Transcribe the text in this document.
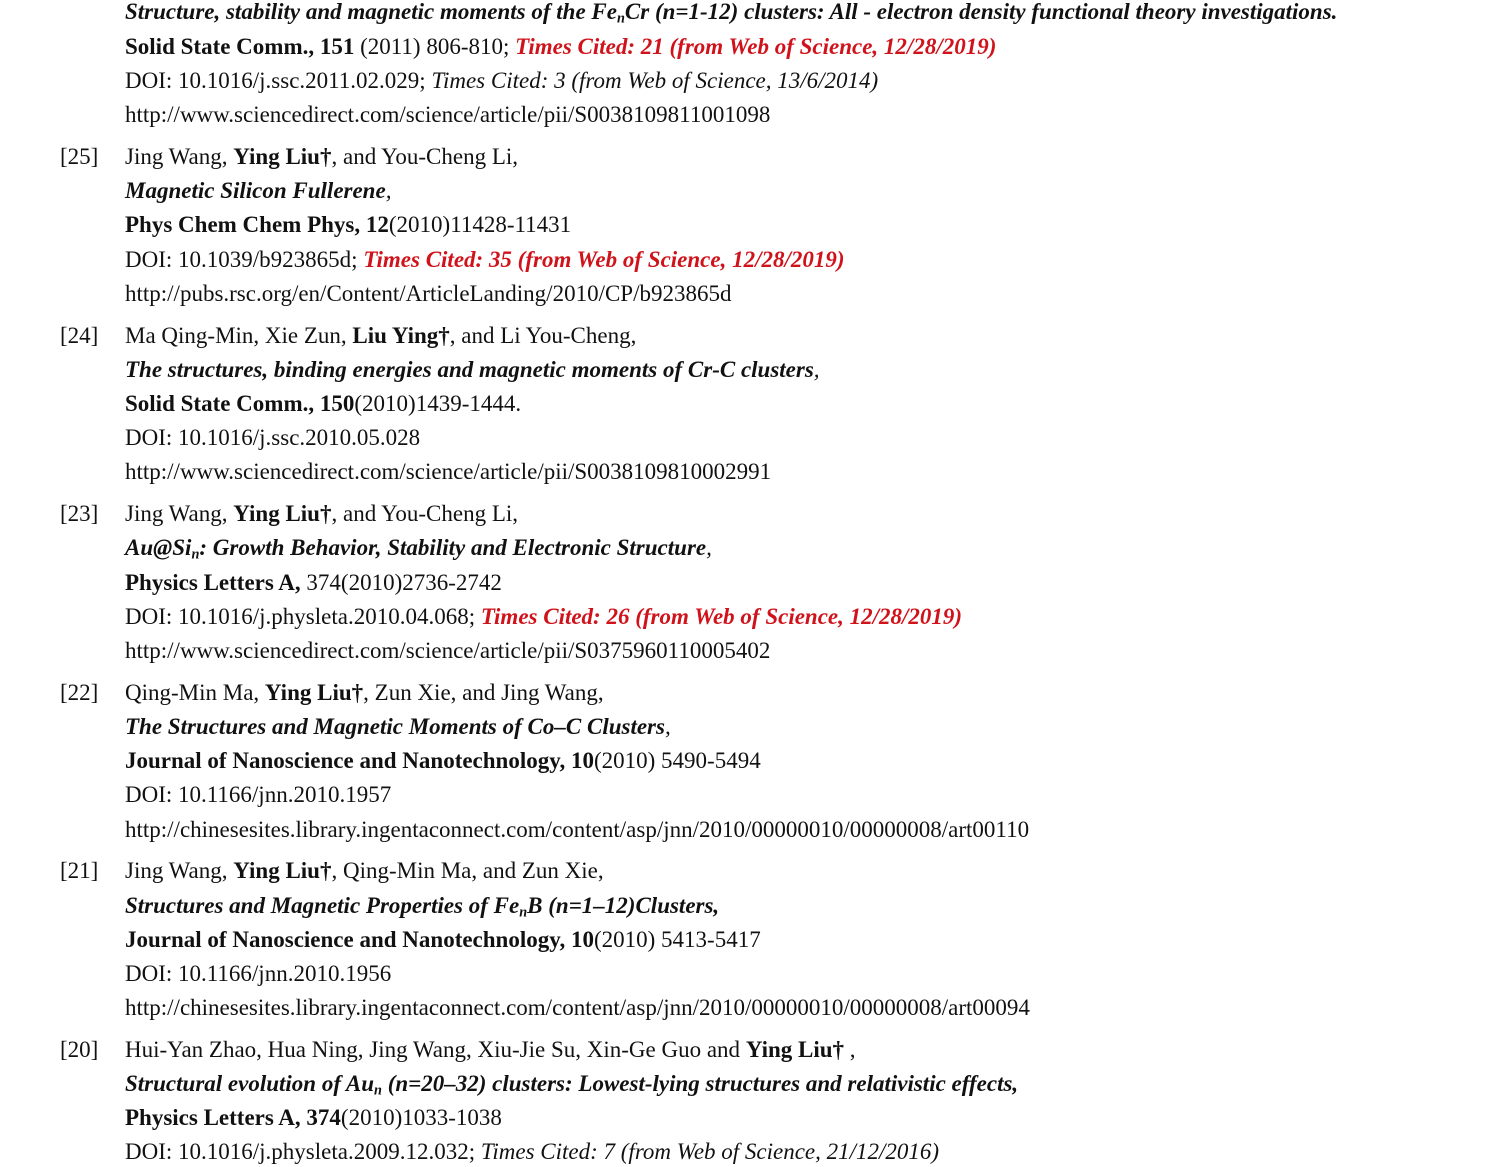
Structure, stability and magnetic moments of the $Fe_nCr$ (n=1-12) clusters: All - electron density functional theory investigations.
Solid State Comm., 151 (2011) 806-810; Times Cited: 21 (from Web of Science, 12/28/2019)
DOI: 10.1016/j.ssc.2011.02.029; Times Cited: 3 (from Web of Science, 13/6/2014)
http://www.sciencedirect.com/science/article/pii/S0038109811001098
[25] Jing Wang, Ying Liu†, and You-Cheng Li,
Magnetic Silicon Fullerene,
Phys Chem Chem Phys, 12(2010)11428-11431
DOI: 10.1039/b923865d; Times Cited: 35 (from Web of Science, 12/28/2019)
http://pubs.rsc.org/en/Content/ArticleLanding/2010/CP/b923865d
[24] Ma Qing-Min, Xie Zun, Liu Ying†, and Li You-Cheng,
The structures, binding energies and magnetic moments of Cr-C clusters,
Solid State Comm., 150(2010)1439-1444.
DOI: 10.1016/j.ssc.2010.05.028
http://www.sciencedirect.com/science/article/pii/S0038109810002991
[23] Jing Wang, Ying Liu†, and You-Cheng Li,
$Au@Si_n$: Growth Behavior, Stability and Electronic Structure,
Physics Letters A, 374(2010)2736-2742
DOI: 10.1016/j.physleta.2010.04.068; Times Cited: 26 (from Web of Science, 12/28/2019)
http://www.sciencedirect.com/science/article/pii/S0375960110005402
[22] Qing-Min Ma, Ying Liu†, Zun Xie, and Jing Wang,
The Structures and Magnetic Moments of Co–C Clusters,
Journal of Nanoscience and Nanotechnology, 10(2010) 5490-5494
DOI: 10.1166/jnn.2010.1957
http://chinesesites.library.ingentaconnect.com/content/asp/jnn/2010/00000010/00000008/art00110
[21] Jing Wang, Ying Liu†, Qing-Min Ma, and Zun Xie,
Structures and Magnetic Properties of $Fe_nB$ (n=1–12)Clusters,
Journal of Nanoscience and Nanotechnology, 10(2010) 5413-5417
DOI: 10.1166/jnn.2010.1956
http://chinesesites.library.ingentaconnect.com/content/asp/jnn/2010/00000010/00000008/art00094
[20] Hui-Yan Zhao, Hua Ning, Jing Wang, Xiu-Jie Su, Xin-Ge Guo and Ying Liu† ,
Structural evolution of $Au_n$ (n=20–32) clusters: Lowest-lying structures and relativistic effects,
Physics Letters A, 374(2010)1033-1038
DOI: 10.1016/j.physleta.2009.12.032; Times Cited: 7 (from Web of Science, 21/12/2016)
